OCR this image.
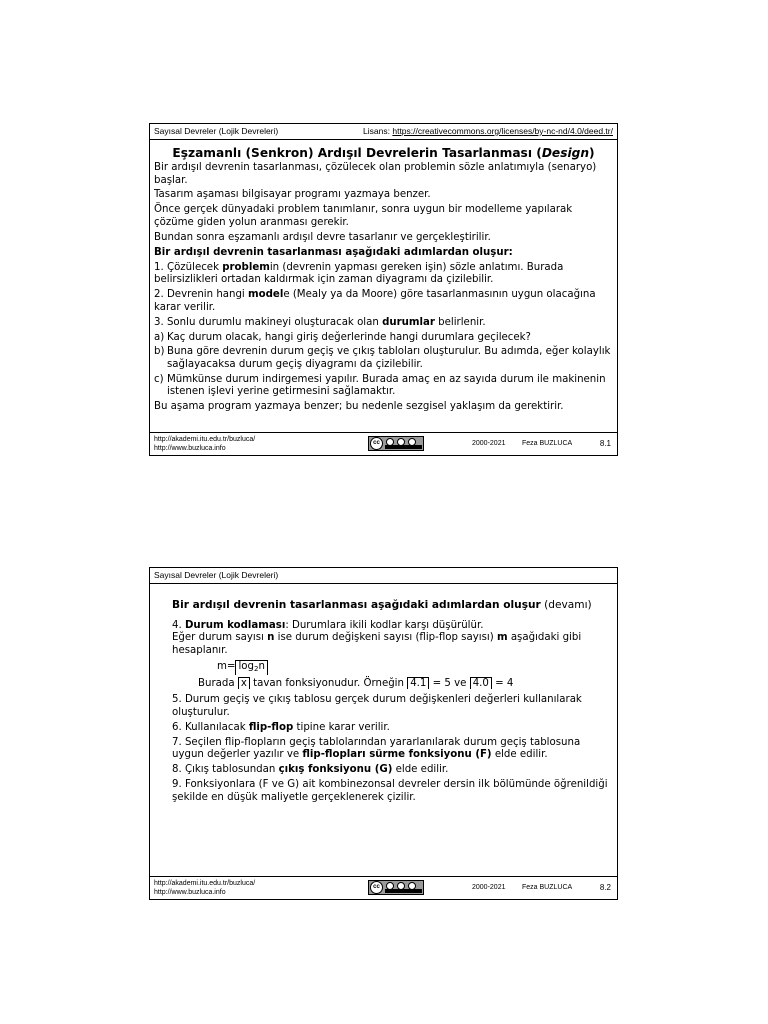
Sayısal Devreler (Lojik Devreleri)	Lisans: https://creativecommons.org/licenses/by-nc-nd/4.0/deed.tr/
Eşzamanlı (Senkron) Ardışıl Devrelerin Tasarlanması (Design)
Bir ardışıl devrenin tasarlanması, çözülecek olan problemin sözle anlatımıyla (senaryo) başlar.
Tasarım aşaması bilgisayar programı yazmaya benzer.
Önce gerçek dünyadaki problem tanımlanır, sonra uygun bir modelleme yapılarak çözüme giden yolun aranması gerekir.
Bundan sonra eşzamanlı ardışıl devre tasarlanır ve gerçekleştirilir.
Bir ardışıl devrenin tasarlanması aşağıdaki adımlardan oluşur:
1. Çözülecek problemin (devrenin yapması gereken işin) sözle anlatımı. Burada belirsizlikleri ortadan kaldırmak için zaman diyagramı da çizilebilir.
2. Devrenin hangi modele (Mealy ya da Moore) göre tasarlanmasının uygun olacağına karar verilir.
3. Sonlu durumlu makineyi oluşturacak olan durumlar belirlenir.
a) Kaç durum olacak, hangi giriş değerlerinde hangi durumlara geçilecek?
b) Buna göre devrenin durum geçiş ve çıkış tabloları oluşturulur. Bu adımda, eğer kolaylık sağlayacaksa durum geçiş diyagramı da çizilebilir.
c) Mümkünse durum indirgemesi yapılır. Burada amaç en az sayıda durum ile makinenin istenen işlevi yerine getirmesini sağlamaktır.
Bu aşama program yazmaya benzer; bu nedenle sezgisel yaklaşım da gerektirir.
http://akademi.itu.edu.tr/buzluca/
http://www.buzluca.info
cc	2000-2021 Feza BUZLUCA	8.1
Sayısal Devreler (Lojik Devreleri)
Bir ardışıl devrenin tasarlanması aşağıdaki adımlardan oluşur (devamı)
4. Durum kodlaması: Durumlara ikili kodlar karşı düşürülür.
Eğer durum sayısı n ise durum değişkeni sayısı (flip-flop sayısı) m aşağıdaki gibi hesaplanır.
$m= \log_2n$
Burada x tavan fonksiyonudur. Örneğin 4.1 = 5 ve 4.0 = 4
5. Durum geçiş ve çıkış tablosu gerçek durum değişkenleri değerleri kullanılarak oluşturulur.
6. Kullanılacak flip-flop tipine karar verilir.
7. Seçilen flip-flopların geçiş tablolarından yararlanılarak durum geçiş tablosuna uygun değerler yazılır ve flip-flopları sürme fonksiyonu (F) elde edilir.
8. Çıkış tablosundan çıkış fonksiyonu (G) elde edilir.
9. Fonksiyonlara (F ve G) ait kombinezonsal devreler dersin ilk bölümünde öğrenildiği şekilde en düşük maliyetle gerçeklenerek çizilir.
http://akademi.itu.edu.tr/buzluca/
http://www.buzluca.info
cc	2000-2021 Feza BUZLUCA	8.2
